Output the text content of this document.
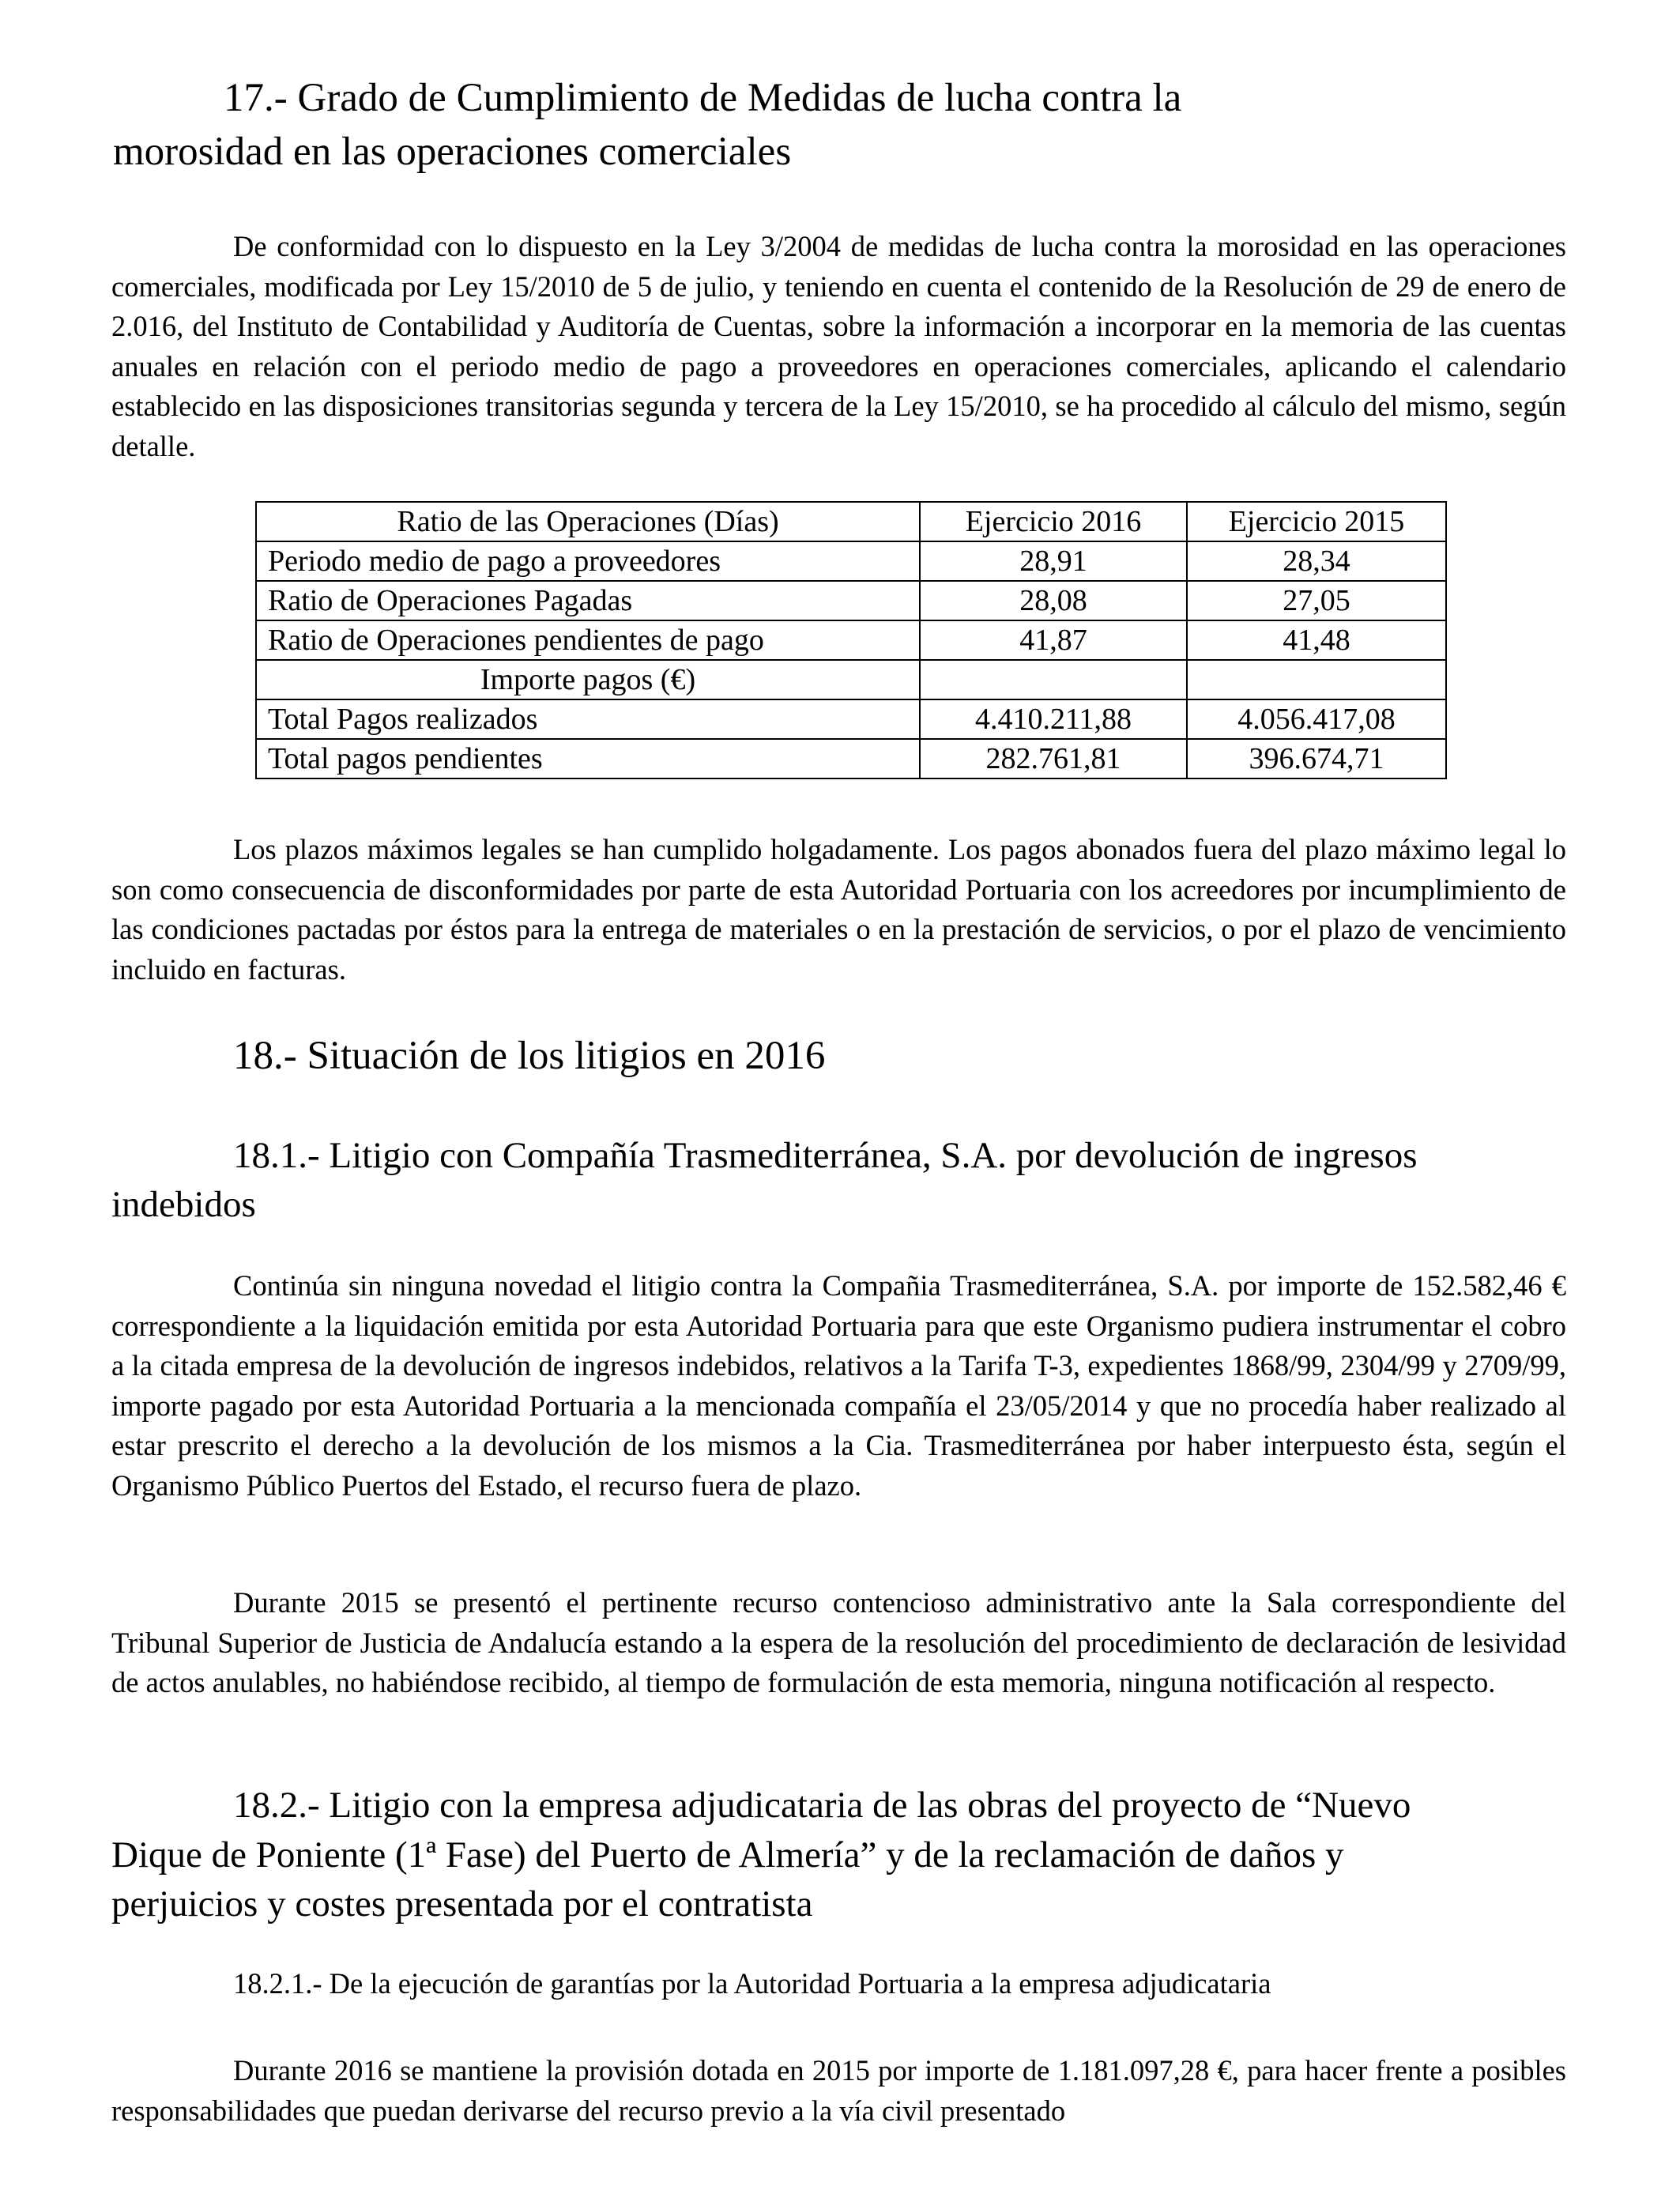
17.- Grado de Cumplimiento de Medidas de lucha contra la
morosidad en las operaciones comerciales

De conformidad con lo dispuesto en la Ley 3/2004 de medidas de lucha contra la morosidad en las operaciones comerciales, modificada por Ley 15/2010 de 5 de julio, y teniendo en cuenta el contenido de la Resolución de 29 de enero de 2.016, del Instituto de Contabilidad y Auditoría de Cuentas, sobre la información a incorporar en la memoria de las cuentas anuales en relación con el periodo medio de pago a proveedores en operaciones comerciales, aplicando el calendario establecido en las disposiciones transitorias segunda y tercera de la Ley 15/2010, se ha procedido al cálculo del mismo, según detalle.

Ratio de las Operaciones (Días)	Ejercicio 2016	Ejercicio 2015
Periodo medio de pago a proveedores	28,91	28,34
Ratio de Operaciones Pagadas	28,08	27,05
Ratio de Operaciones pendientes de pago	41,87	41,48
Importe pagos (€)		
Total Pagos realizados	4.410.211,88	4.056.417,08
Total pagos pendientes	282.761,81	396.674,71

Los plazos máximos legales se han cumplido holgadamente. Los pagos abonados fuera del plazo máximo legal lo son como consecuencia de disconformidades por parte de esta Autoridad Portuaria con los acreedores por incumplimiento de las condiciones pactadas por éstos para la entrega de materiales o en la prestación de servicios, o por el plazo de vencimiento incluido en facturas.

18.- Situación de los litigios en 2016
18.1.- Litigio con Compañía Trasmediterránea, S.A. por devolución de ingresos
indebidos

Continúa sin ninguna novedad el litigio contra la Compañia Trasmediterránea, S.A. por importe de 152.582,46 € correspondiente a la liquidación emitida por esta Autoridad Portuaria para que este Organismo pudiera instrumentar el cobro a la citada empresa de la devolución de ingresos indebidos, relativos a la Tarifa T-3, expedientes 1868/99, 2304/99 y 2709/99, importe pagado por esta Autoridad Portuaria a la mencionada compañía el 23/05/2014 y que no procedía haber realizado al estar prescrito el derecho a la devolución de los mismos a la Cia. Trasmediterránea por haber interpuesto ésta, según el Organismo Público Puertos del Estado, el recurso fuera de plazo.

Durante 2015 se presentó el pertinente recurso contencioso administrativo ante la Sala correspondiente del Tribunal Superior de Justicia de Andalucía estando a la espera de la resolución del procedimiento de declaración de lesividad de actos anulables, no habiéndose recibido, al tiempo de formulación de esta memoria, ninguna notificación al respecto.

18.2.- Litigio con la empresa adjudicataria de las obras del proyecto de “Nuevo
Dique de Poniente (1ª Fase) del Puerto de Almería” y de la reclamación de daños y
perjuicios y costes presentada por el contratista
18.2.1.- De la ejecución de garantías por la Autoridad Portuaria a la empresa adjudicataria

Durante 2016 se mantiene la provisión dotada en 2015 por importe de 1.181.097,28 €, para hacer frente a posibles responsabilidades que puedan derivarse del recurso previo a la vía civil presentado
